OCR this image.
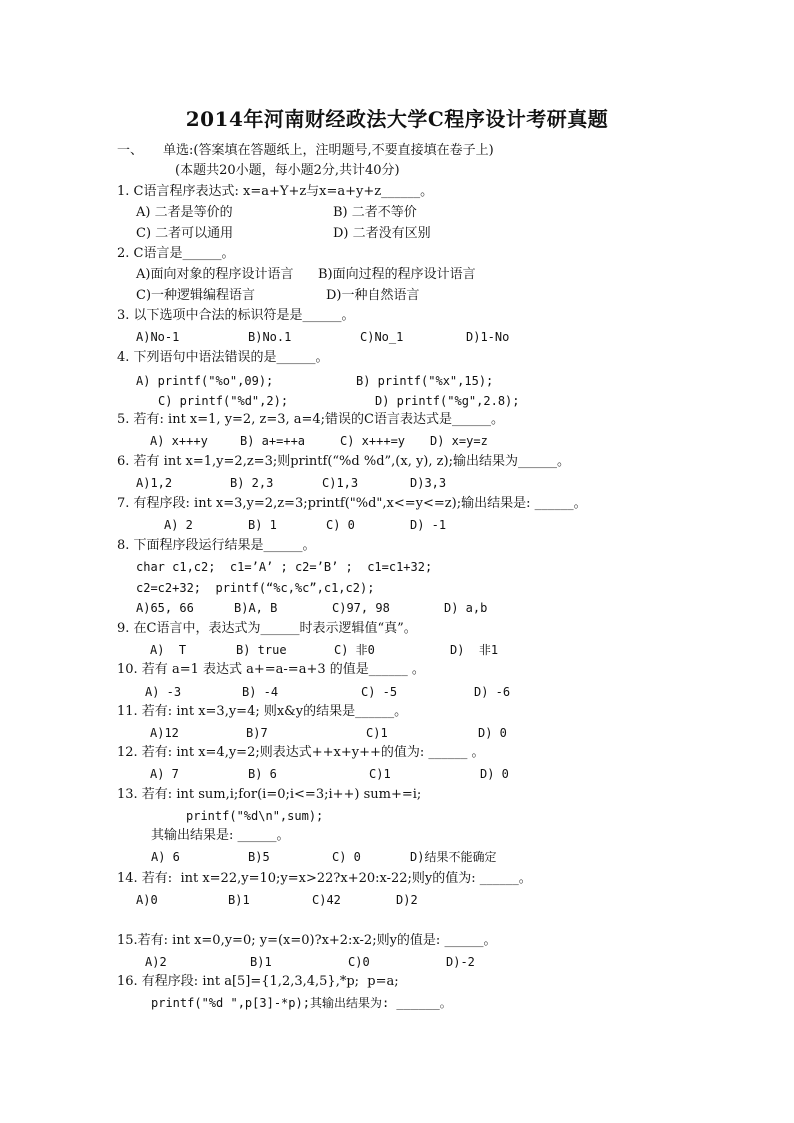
2014年河南财经政法大学C程序设计考研真题
一、 单选:(答案填在答题纸上，注明题号,不要直接填在卷子上)
(本题共20小题，每小题2分,共计40分)
1. C语言程序表达式: x=a+Y+z与x=a+y+z______。
A) 二者是等价的	B) 二者不等价
C) 二者可以通用	D) 二者没有区别
2. C语言是______。
A)面向对象的程序设计语言 B)面向过程的程序设计语言
C)一种逻辑编程语言	D)一种自然语言
3. 以下选项中合法的标识符是是______。
A)No-1	B)No.1	C)No_1	D)1-No
4. 下列语句中语法错误的是______。
A) printf("%o",09);	B) printf("%x",15);
C) printf("%d",2);	D) printf("%g",2.8);
5. 若有: int x=1, y=2, z=3, a=4;错误的C语言表达式是______。
A) x+++y	B) a+=++a	C) x+++=y D) x=y=z
6. 若有 int x=1,y=2,z=3;则printf(“%d %d”,(x, y), z);输出结果为______。
A)1,2	B) 2,3	C)1,3	D)3,3
7. 有程序段: int x=3,y=2,z=3;printf("%d",x<=y<=z);输出结果是: ______。
A) 2	B) 1	C) 0	D) -1
8. 下面程序段运行结果是______。
char c1,c2;  c1=’A’ ; c2=’B’ ;  c1=c1+32;
c2=c2+32;  printf(“%c,%c”,c1,c2);
A)65, 66	B)A, B	C)97, 98	D) a,b
9. 在C语言中，表达式为______时表示逻辑值“真”。
A)  T	B) true	C) 非0	D)  非1
10. 若有 a=1 表达式 a+=a-=a+3 的值是______ 。
A) -3	B) -4	C) -5	D) -6
11. 若有: int x=3,y=4; 则x&y的结果是______。
A)12	B)7	C)1	D) 0
12. 若有: int x=4,y=2;则表达式++x+y++的值为: ______ 。
A) 7	B) 6	C)1	D) 0
13. 若有: int sum,i;for(i=0;i<=3;i++) sum+=i;
printf("%d\n",sum);
其输出结果是: ______。
A) 6	B)5	C) 0	D)结果不能确定
14. 若有:  int x=22,y=10;y=x>22?x+20:x-22;则y的值为: ______。
A)0	B)1	C)42	D)2
15.若有: int x=0,y=0; y=(x=0)?x+2:x-2;则y的值是: ______。
A)2	B)1	C)0	D)-2
16. 有程序段: int a[5]={1,2,3,4,5},*p;  p=a;
printf("%d ",p[3]-*p);其输出结果为: ______。
